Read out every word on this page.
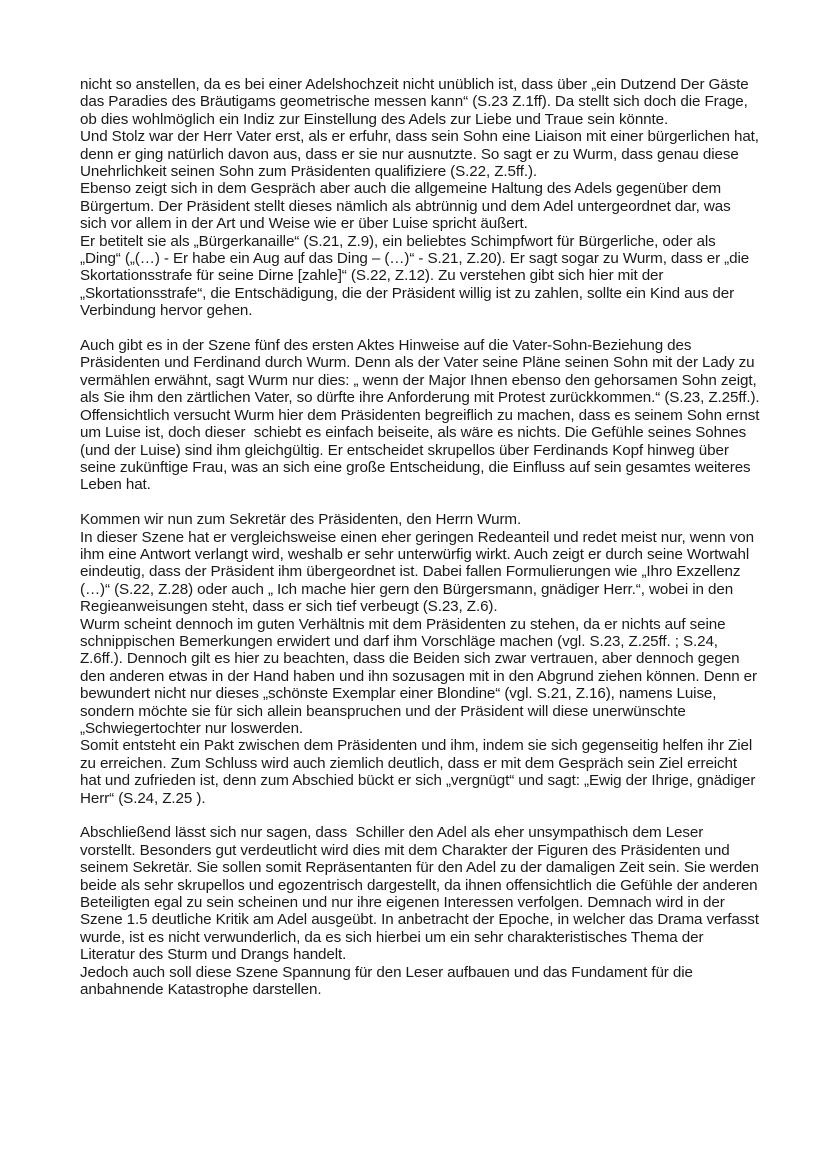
nicht so anstellen, da es bei einer Adelshochzeit nicht unüblich ist, dass über „ein Dutzend Der Gäste das Paradies des Bräutigams geometrische messen kann“ (S.23 Z.1ff). Da stellt sich doch die Frage, ob dies wohlmöglich ein Indiz zur Einstellung des Adels zur Liebe und Traue sein könnte.

Und Stolz war der Herr Vater erst, als er erfuhr, dass sein Sohn eine Liaison mit einer bürgerlichen hat, denn er ging natürlich davon aus, dass er sie nur ausnutzte. So sagt er zu Wurm, dass genau diese Unehrlichkeit seinen Sohn zum Präsidenten qualifiziere (S.22, Z.5ff.).

Ebenso zeigt sich in dem Gespräch aber auch die allgemeine Haltung des Adels gegenüber dem Bürgertum. Der Präsident stellt dieses nämlich als abtrünnig und dem Adel untergeordnet dar, was sich vor allem in der Art und Weise wie er über Luise spricht äußert.

Er betitelt sie als „Bürgerkanaille“ (S.21, Z.9), ein beliebtes Schimpfwort für Bürgerliche, oder als „Ding“ („(…) - Er habe ein Aug auf das Ding – (…)“ - S.21, Z.20). Er sagt sogar zu Wurm, dass er „die Skortationsstrafe für seine Dirne [zahle]“ (S.22, Z.12). Zu verstehen gibt sich hier mit der „Skortationsstrafe“, die Entschädigung, die der Präsident willig ist zu zahlen, sollte ein Kind aus der Verbindung hervor gehen.

Auch gibt es in der Szene fünf des ersten Aktes Hinweise auf die Vater-Sohn-Beziehung des Präsidenten und Ferdinand durch Wurm. Denn als der Vater seine Pläne seinen Sohn mit der Lady zu vermählen erwähnt, sagt Wurm nur dies: „ wenn der Major Ihnen ebenso den gehorsamen Sohn zeigt, als Sie ihm den zärtlichen Vater, so dürfte ihre Anforderung mit Protest zurückkommen.“ (S.23, Z.25ff.). Offensichtlich versucht Wurm hier dem Präsidenten begreiflich zu machen, dass es seinem Sohn ernst um Luise ist, doch dieser  schiebt es einfach beiseite, als wäre es nichts. Die Gefühle seines Sohnes (und der Luise) sind ihm gleichgültig. Er entscheidet skrupellos über Ferdinands Kopf hinweg über seine zukünftige Frau, was an sich eine große Entscheidung, die Einfluss auf sein gesamtes weiteres Leben hat.

Kommen wir nun zum Sekretär des Präsidenten, den Herrn Wurm.

In dieser Szene hat er vergleichsweise einen eher geringen Redeanteil und redet meist nur, wenn von ihm eine Antwort verlangt wird, weshalb er sehr unterwürfig wirkt. Auch zeigt er durch seine Wortwahl eindeutig, dass der Präsident ihm übergeordnet ist. Dabei fallen Formulierungen wie „Ihro Exzellenz (…)“ (S.22, Z.28) oder auch „ Ich mache hier gern den Bürgersmann, gnädiger Herr.“, wobei in den Regieanweisungen steht, dass er sich tief verbeugt (S.23, Z.6).

Wurm scheint dennoch im guten Verhältnis mit dem Präsidenten zu stehen, da er nichts auf seine schnippischen Bemerkungen erwidert und darf ihm Vorschläge machen (vgl. S.23, Z.25ff. ; S.24, Z.6ff.). Dennoch gilt es hier zu beachten, dass die Beiden sich zwar vertrauen, aber dennoch gegen den anderen etwas in der Hand haben und ihn sozusagen mit in den Abgrund ziehen können. Denn er bewundert nicht nur dieses „schönste Exemplar einer Blondine“ (vgl. S.21, Z.16), namens Luise, sondern möchte sie für sich allein beanspruchen und der Präsident will diese unerwünschte „Schwiegertochter nur loswerden.

Somit entsteht ein Pakt zwischen dem Präsidenten und ihm, indem sie sich gegenseitig helfen ihr Ziel zu erreichen. Zum Schluss wird auch ziemlich deutlich, dass er mit dem Gespräch sein Ziel erreicht hat und zufrieden ist, denn zum Abschied bückt er sich „vergnügt“ und sagt: „Ewig der Ihrige, gnädiger Herr“ (S.24, Z.25 ).

Abschließend lässt sich nur sagen, dass  Schiller den Adel als eher unsympathisch dem Leser vorstellt. Besonders gut verdeutlicht wird dies mit dem Charakter der Figuren des Präsidenten und seinem Sekretär. Sie sollen somit Repräsentanten für den Adel zu der damaligen Zeit sein. Sie werden beide als sehr skrupellos und egozentrisch dargestellt, da ihnen offensichtlich die Gefühle der anderen Beteiligten egal zu sein scheinen und nur ihre eigenen Interessen verfolgen. Demnach wird in der Szene 1.5 deutliche Kritik am Adel ausgeübt. In anbetracht der Epoche, in welcher das Drama verfasst wurde, ist es nicht verwunderlich, da es sich hierbei um ein sehr charakteristisches Thema der Literatur des Sturm und Drangs handelt.

Jedoch auch soll diese Szene Spannung für den Leser aufbauen und das Fundament für die anbahnende Katastrophe darstellen.
